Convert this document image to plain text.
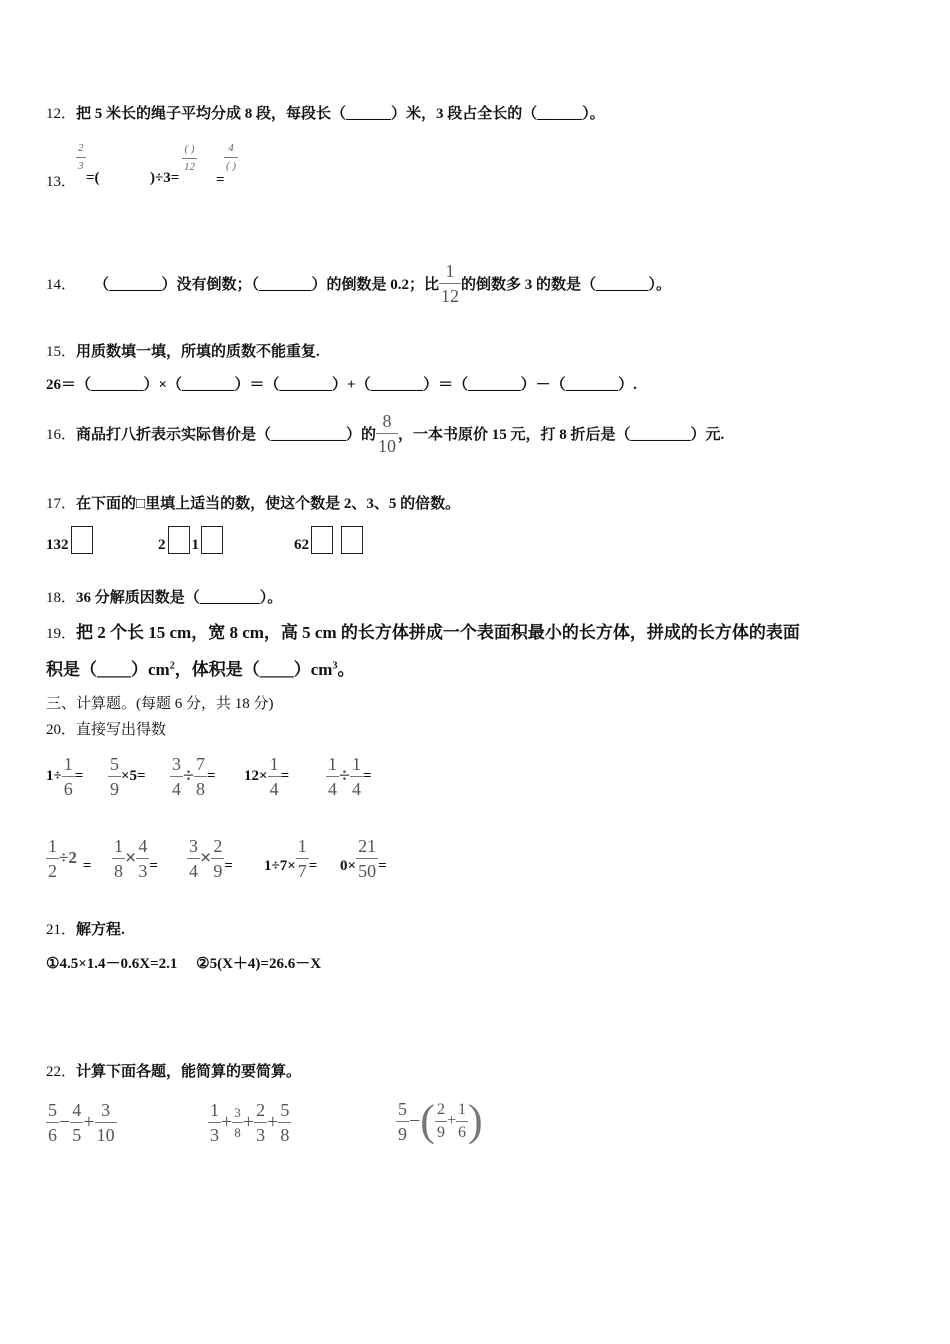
12．把 5 米长的绳子平均分成 8 段，每段长（______）米，3 段占全长的（______）。
13．
$\frac{2}{3}$
=(	)÷3=
( )
12
=
4
( )
14． （_______）没有倒数；（_______）的倒数是 0.2；比 $\frac{1}{12}$ 的倒数多 3 的数是（_______）。
15．用质数填一填，所填的质数不能重复.
26＝（_______）×（_______）＝（_______）+（_______）＝（_______）－（_______）.
16． 商品打八折表示实际售价是（__________）的 $\frac{8}{10}$ ，一本书原价 15 元，打 8 折后是（________）元.
17．在下面的□里填上适当的数，使这个数是 2、3、5 的倍数。
132	2 1	62
18．36 分解质因数是（________）。
19．把 2 个长 15 cm，宽 8 cm，高 5 cm 的长方体拼成一个表面积最小的长方体，拼成的长方体的表面
积是$(\_\_\_\_)cm^2$，体积是$(\_\_\_\_)cm^3$。
三、计算题。(每题 6 分，共 18 分)
20．直接写出得数
$1\div \frac{1}{6} = \frac{5}{9} \times 5= \frac{3}{4} \div \frac{7}{8} = 12\times \frac{1}{4} = \frac{1}{4} \div \frac{1}{4}$ =
$\frac{1}{2} \div 2 = \frac{1}{8} \times \frac{4}{3} = \frac{3}{4} \times \frac{2}{9} = 1\div 7\times \frac{1}{7} = 0\times \frac{21}{50}$ =
21．解方程.
①4.5×1.4－0.6X=2.1　 ②5(X＋4)=26.6－X
22．计算下面各题，能简算的要简算。
$\frac{5}{6} - \frac{4}{5} + \frac{3}{10}$	$\frac{1}{3} + \frac{3}{8} + \frac{2}{3} + \frac{5}{8}$	$\frac{5}{9}$ − ( $\frac{2}{9} + \frac{1}{6}$ )
